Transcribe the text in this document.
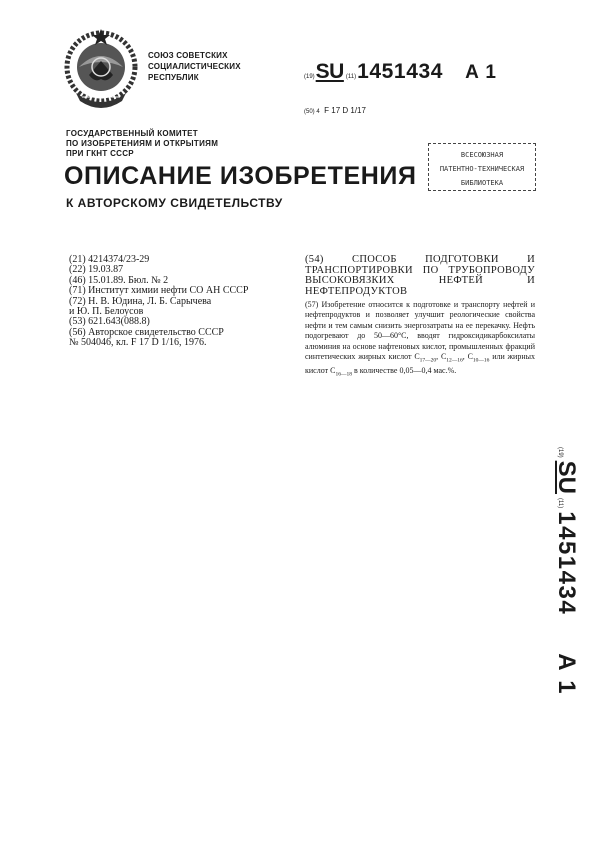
СОЮЗ СОВЕТСКИХ
СОЦИАЛИСТИЧЕСКИХ
РЕСПУБЛИК	(19) SU (11) 1451434 A 1
(50) 4 F 17 D 1/17
ГОСУДАРСТВЕННЫЙ КОМИТЕТ
ПО ИЗОБРЕТЕНИЯМ И ОТКРЫТИЯМ
ПРИ ГКНТ СССР	ВСЕСОЮЗНАЯ
ПАТЕНТНО-ТЕХНИЧЕСКАЯ
БИБЛИОТЕКА
ОПИСАНИЕ ИЗОБРЕТЕНИЯ
К АВТОРСКОМУ СВИДЕТЕЛЬСТВУ
(21) 4214374/23-29
(22) 19.03.87
(46) 15.01.89. Бюл. № 2
(71) Институт химии нефти СО АН СССР
(72) Н. В. Юдина, Л. Б. Сарычева
и Ю. П. Белоусов
(53) 621.643(088.8)
(56) Авторское свидетельство СССР
№ 504046, кл. F 17 D 1/16, 1976.
(54) СПОСОБ ПОДГОТОВКИ И ТРАНСПОРТИРОВКИ ПО ТРУБОПРОВОДУ ВЫСОКОВЯЗКИХ НЕФТЕЙ И НЕФТЕПРОДУКТОВ
(57) Изобретение относится к подготовке и транспорту нефтей и нефтепродуктов и позволяет улучшит реологические свойства нефти и тем самым снизить энергозатраты на ее перекачку. Нефть подогревают до 50—60°С, вводят гидроксидикарбоксилаты алюминия на основе нафтеновых кислот, промышленных фракций синтетических жирных кислот $С_{17—20}$, $С_{12—16}$, $С_{10—16}$ или жирных кислот $С_{16—18}$ в количестве 0,05—0,4 мас.%.
(19)
SU
(11)
1451434
A 1
